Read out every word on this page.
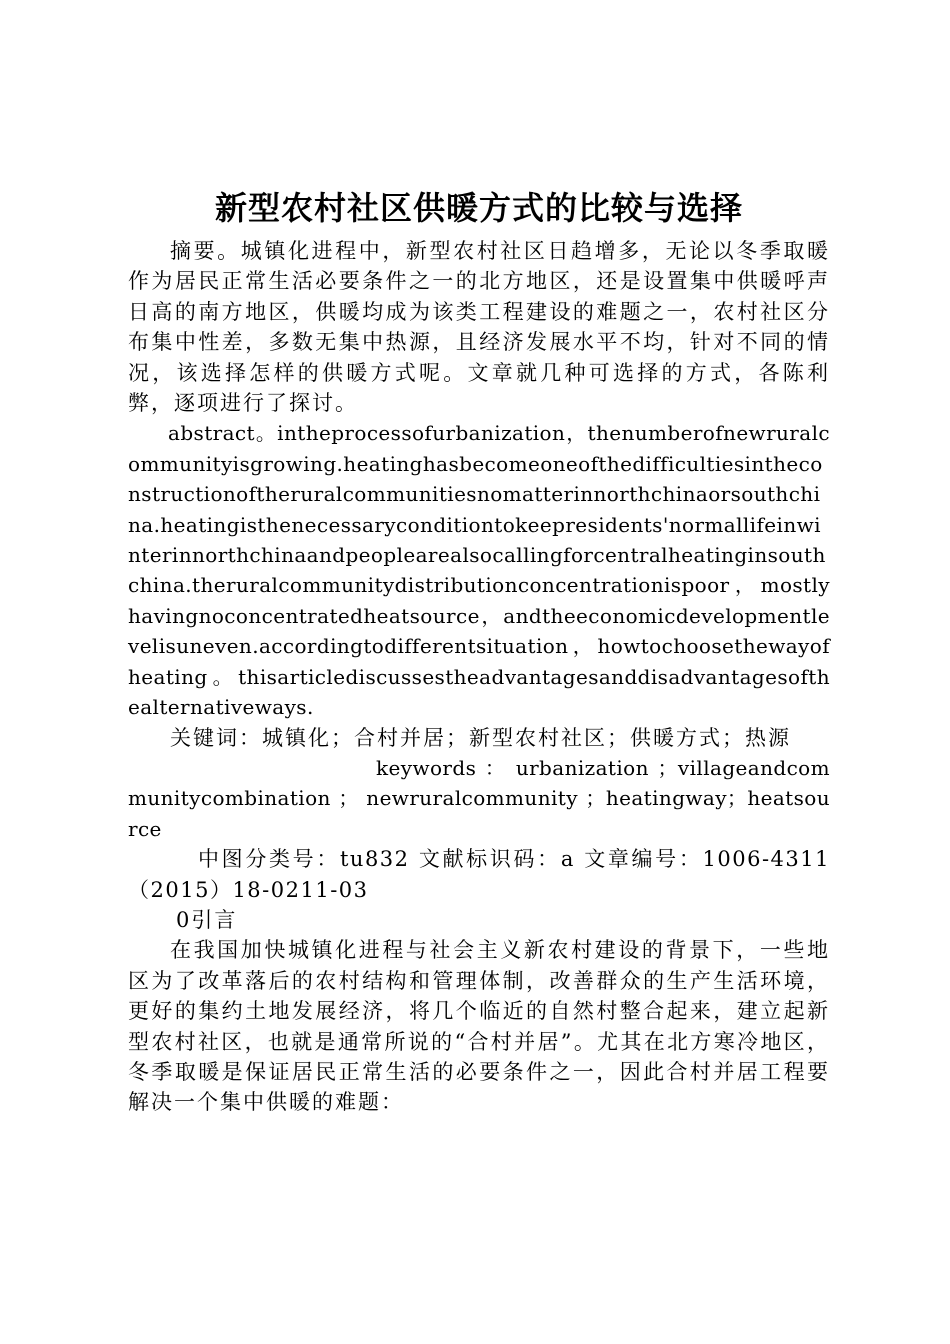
新型农村社区供暖方式的比较与选择

摘要。城镇化进程中，新型农村社区日趋增多，无论以冬季取暖作为居民正常生活必要条件之一的北方地区，还是设置集中供暖呼声日高的南方地区，供暖均成为该类工程建设的难题之一，农村社区分布集中性差，多数无集中热源，且经济发展水平不均，针对不同的情况，该选择怎样的供暖方式呢。文章就几种可选择的方式，各陈利弊，逐项进行了探讨。

abstract。intheprocessofurbanization，thenumberofnewruralcommunityisgrowing.heatinghasbecomeoneofthedifficultiesintheconstructionoftheruralcommunitiesnomatterinnorthchinaorsouthchina.heatingisthenecessaryconditiontokeepresidents'normallifeinwinterinnorthchinaandpeoplearealsocallingforcentralheatinginsouthchina.theruralcommunitydistributionconcentrationispoor，mostlyhavingnoconcentratedheatsource，andtheeconomicdevelopmentlevelisuneven.accordingtodifferentsituation，howtochoosethewayofheating。thisarticlediscussestheadvantagesanddisadvantagesofthealternativeways.

关键词：城镇化；合村并居；新型农村社区；供暖方式；热源

keywords ： urbanization ；villageandcommunitycombination ； newruralcommunity ；heatingway；heatsource

中图分类号：tu832 文献标识码：a 文章编号：1006-4311（2015）18-0211-03

0引言

在我国加快城镇化进程与社会主义新农村建设的背景下，一些地区为了改革落后的农村结构和管理体制，改善群众的生产生活环境，更好的集约土地发展经济，将几个临近的自然村整合起来，建立起新型农村社区，也就是通常所说的“合村并居”。尤其在北方寒冷地区，冬季取暖是保证居民正常生活的必要条件之一，因此合村并居工程要解决一个集中供暖的难题：
